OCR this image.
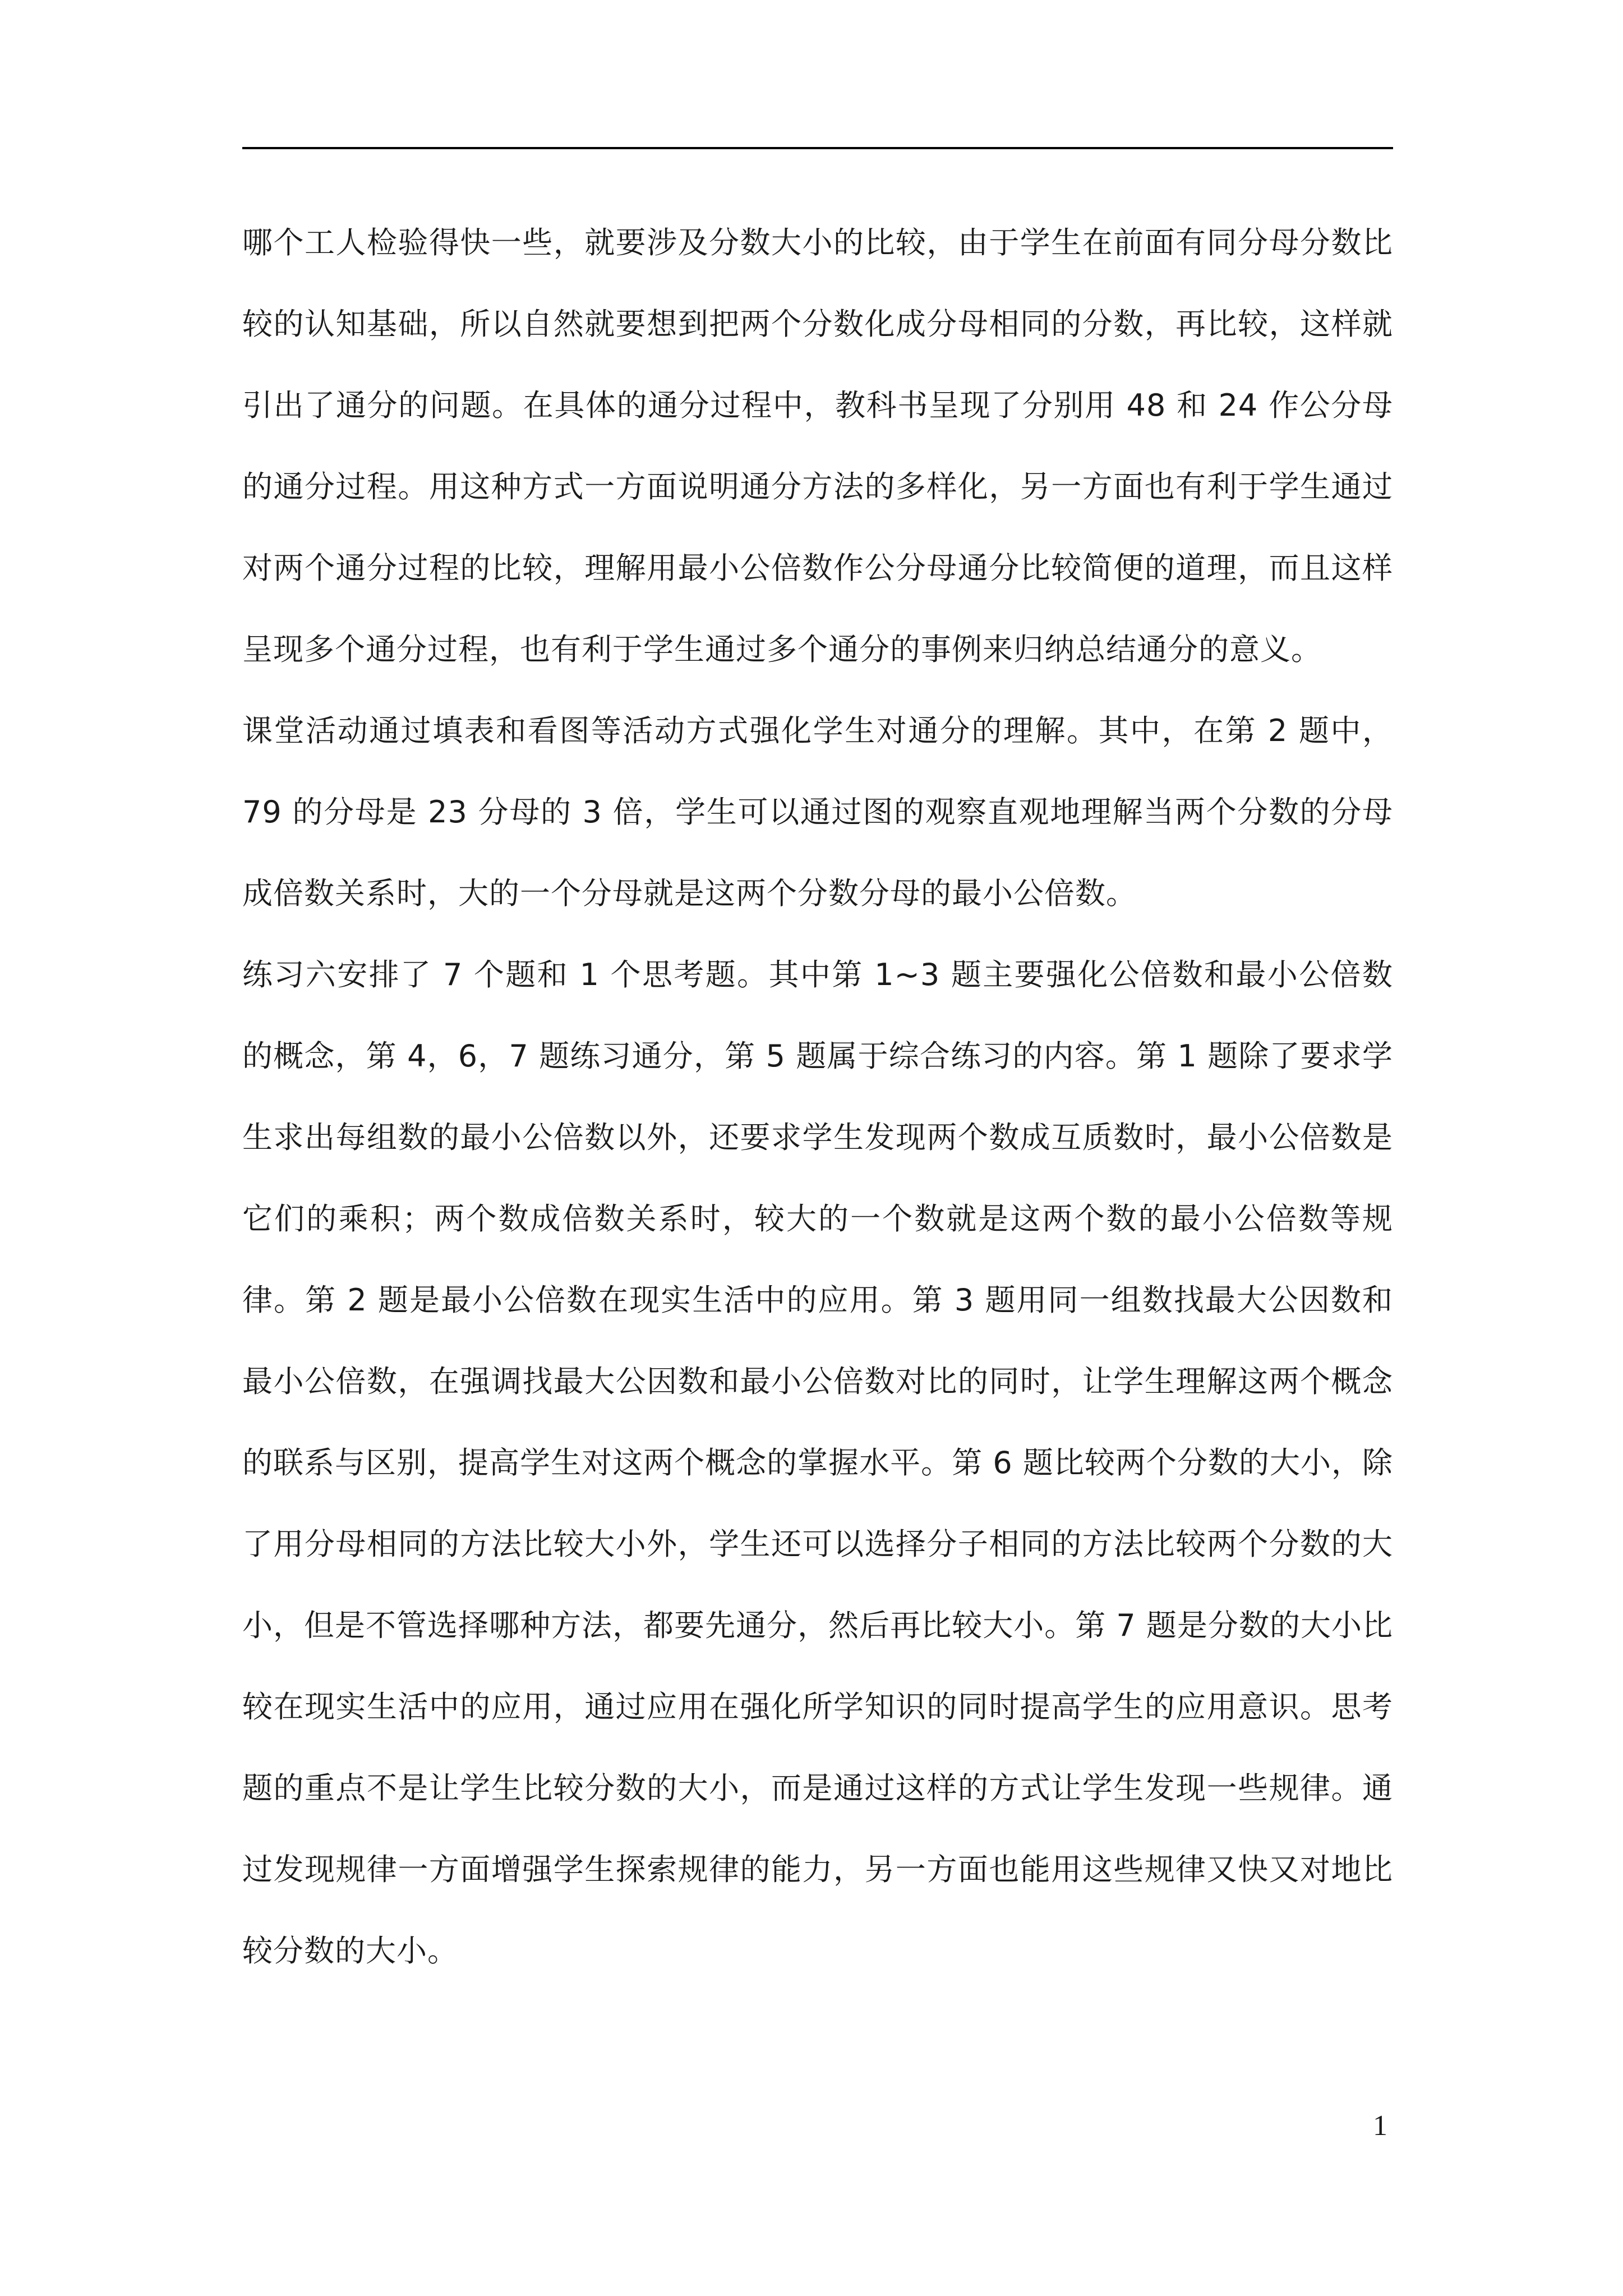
哪个工人检验得快一些，就要涉及分数大小的比较，由于学生在前面有同分母分数比较的认知基础，所以自然就要想到把两个分数化成分母相同的分数，再比较，这样就引出了通分的问题。在具体的通分过程中，教科书呈现了分别用 48 和 24 作公分母的通分过程。用这种方式一方面说明通分方法的多样化，另一方面也有利于学生通过对两个通分过程的比较，理解用最小公倍数作公分母通分比较简便的道理，而且这样呈现多个通分过程，也有利于学生通过多个通分的事例来归纳总结通分的意义。

课堂活动通过填表和看图等活动方式强化学生对通分的理解。其中，在第 2 题中，79 的分母是 23 分母的 3 倍，学生可以通过图的观察直观地理解当两个分数的分母成倍数关系时，大的一个分母就是这两个分数分母的最小公倍数。

练习六安排了 7 个题和 1 个思考题。其中第 1~3 题主要强化公倍数和最小公倍数的概念，第 4，6，7 题练习通分，第 5 题属于综合练习的内容。第 1 题除了要求学生求出每组数的最小公倍数以外，还要求学生发现两个数成互质数时，最小公倍数是它们的乘积；两个数成倍数关系时，较大的一个数就是这两个数的最小公倍数等规律。第 2 题是最小公倍数在现实生活中的应用。第 3 题用同一组数找最大公因数和最小公倍数，在强调找最大公因数和最小公倍数对比的同时，让学生理解这两个概念的联系与区别，提高学生对这两个概念的掌握水平。第 6 题比较两个分数的大小，除了用分母相同的方法比较大小外，学生还可以选择分子相同的方法比较两个分数的大小，但是不管选择哪种方法，都要先通分，然后再比较大小。第 7 题是分数的大小比较在现实生活中的应用，通过应用在强化所学知识的同时提高学生的应用意识。思考题的重点不是让学生比较分数的大小，而是通过这样的方式让学生发现一些规律。通过发现规律一方面增强学生探索规律的能力，另一方面也能用这些规律又快又对地比较分数的大小。

1
